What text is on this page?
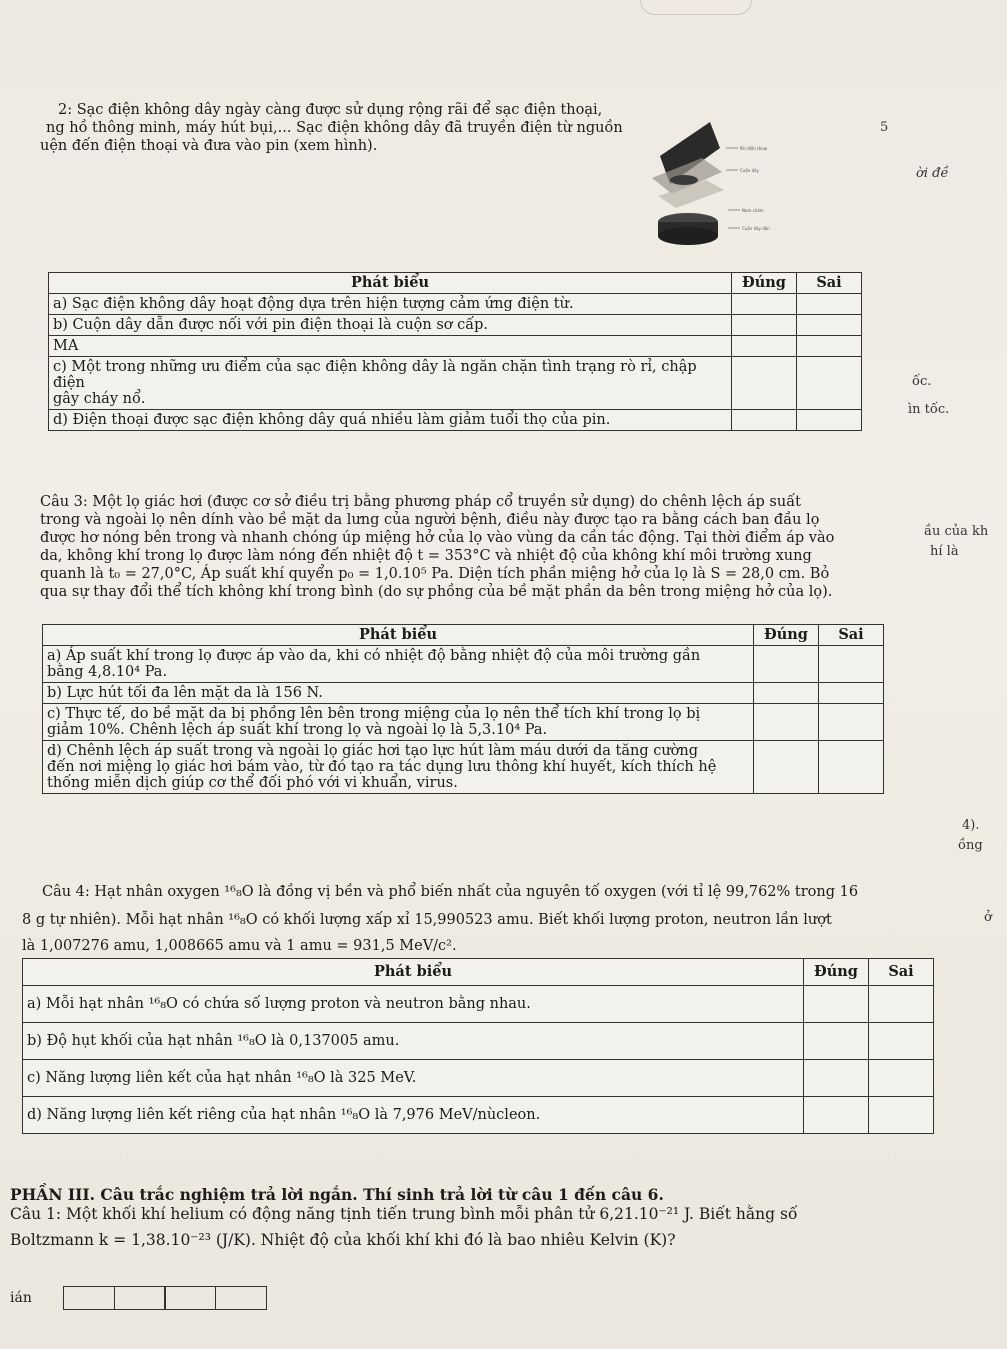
2: Sạc điện không dây ngày càng được sử dụng rộng rãi để sạc điện thoại,
ng hồ thông minh, máy hút bụi,... Sạc điện không dây đã truyền điện từ nguồn
uện đến điện thoại và đưa vào pin (xem hình).	Pin điện thoại
Cuộn dây
Nam châm
Cuộn dây dẫn
5
ời đề
ốc.
ìn tốc.
Phát biểu	Đúng	Sai
a) Sạc điện không dây hoạt động dựa trên hiện tượng cảm ứng điện từ.		
b) Cuộn dây dẫn được nối với pin điện thoại là cuộn sơ cấp.		
MA		
c) Một trong những ưu điểm của sạc điện không dây là ngăn chặn tình trạng rò rỉ, chập điện
gây cháy nổ.		
d) Điện thoại được sạc điện không dây quá nhiều làm giảm tuổi thọ của pin.		
Câu 3: Một lọ giác hơi (được cơ sở điều trị bằng phương pháp cổ truyền sử dụng) do chênh lệch áp suất
trong và ngoài lọ nên dính vào bề mặt da lưng của người bệnh, điều này được tạo ra bằng cách ban đầu lọ
được hơ nóng bên trong và nhanh chóng úp miệng hở của lọ vào vùng da cần tác động. Tại thời điểm áp vào
da, không khí trong lọ được làm nóng đến nhiệt độ t = 353°C và nhiệt độ của không khí môi trường xung
quanh là t₀ = 27,0°C, Áp suất khí quyển p₀ = 1,0.10⁵ Pa. Diện tích phần miệng hở của lọ là S = 28,0 cm. Bỏ
qua sự thay đổi thể tích không khí trong bình (do sự phồng của bề mặt phần da bên trong miệng hở của lọ).
ầu của kh
hí là
4).
ồng
Phát biểu	Đúng	Sai
a) Áp suất khí trong lọ được áp vào da, khi có nhiệt độ bằng nhiệt độ của môi trường gần
bằng 4,8.10⁴ Pa.		
b) Lực hút tối đa lên mặt da là 156 N.		
c) Thực tế, do bề mặt da bị phồng lên bên trong miệng của lọ nên thể tích khí trong lọ bị
giảm 10%. Chênh lệch áp suất khí trong lọ và ngoài lọ là 5,3.10⁴ Pa.		
d) Chênh lệch áp suất trong và ngoài lọ giác hơi tạo lực hút làm máu dưới da tăng cường
đến nơi miệng lọ giác hơi bám vào, từ đó tạo ra tác dụng lưu thông khí huyết, kích thích hệ
thống miễn dịch giúp cơ thể đối phó với vi khuẩn, virus.		
Câu 4: Hạt nhân oxygen ¹⁶₈O là đồng vị bền và phổ biến nhất của nguyên tố oxygen (với tỉ lệ 99,762% trong 16
8 g tự nhiên). Mỗi hạt nhân ¹⁶₈O có khối lượng xấp xỉ 15,990523 amu. Biết khối lượng proton, neutron lần lượt
là 1,007276 amu, 1,008665 amu và 1 amu = 931,5 MeV/c².
ở
Phát biểu	Đúng	Sai
a) Mỗi hạt nhân ¹⁶₈O có chứa số lượng proton và neutron bằng nhau.		
b) Độ hụt khối của hạt nhân ¹⁶₈O là 0,137005 amu.		
c) Năng lượng liên kết của hạt nhân ¹⁶₈O là 325 MeV.		
d) Năng lượng liên kết riêng của hạt nhân ¹⁶₈O là 7,976 MeV/nùcleon.		
PHẦN III. Câu trắc nghiệm trả lời ngắn. Thí sinh trả lời từ câu 1 đến câu 6.
Câu 1: Một khối khí helium có động năng tịnh tiến trung bình mỗi phân tử 6,21.10⁻²¹ J. Biết hằng số
Boltzmann k = 1,38.10⁻²³ (J/K). Nhiệt độ của khối khí khi đó là bao nhiêu Kelvin (K)?
ián
